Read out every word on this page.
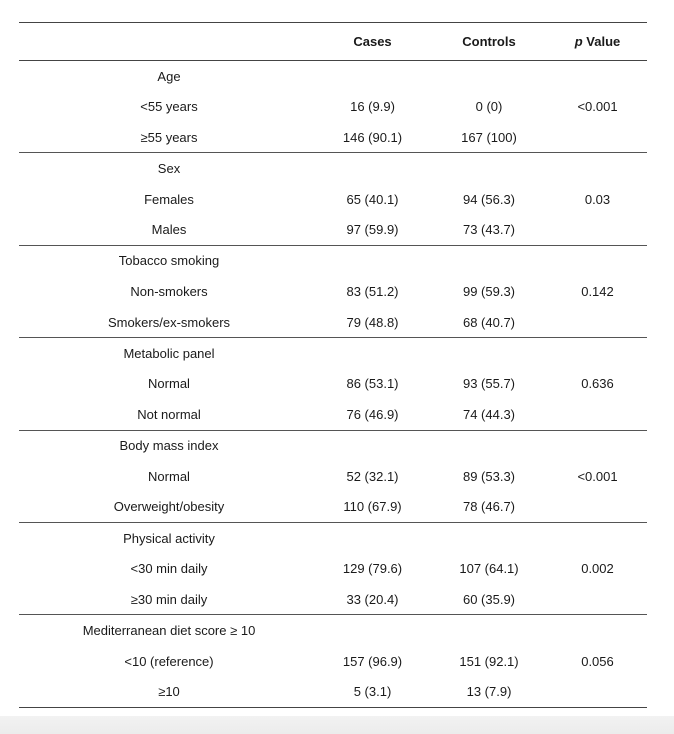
	Cases	Controls	p Value
Age			
<55 years	16 (9.9)	0 (0)	<0.001
≥55 years	146 (90.1)	167 (100)	
Sex			
Females	65 (40.1)	94 (56.3)	0.03
Males	97 (59.9)	73 (43.7)	
Tobacco smoking			
Non-smokers	83 (51.2)	99 (59.3)	0.142
Smokers/ex-smokers	79 (48.8)	68 (40.7)	
Metabolic panel			
Normal	86 (53.1)	93 (55.7)	0.636
Not normal	76 (46.9)	74 (44.3)	
Body mass index			
Normal	52 (32.1)	89 (53.3)	<0.001
Overweight/obesity	110 (67.9)	78 (46.7)	
Physical activity			
<30 min daily	129 (79.6)	107 (64.1)	0.002
≥30 min daily	33 (20.4)	60 (35.9)	
Mediterranean diet score ≥ 10			
<10 (reference)	157 (96.9)	151 (92.1)	0.056
≥10	5 (3.1)	13 (7.9)	
